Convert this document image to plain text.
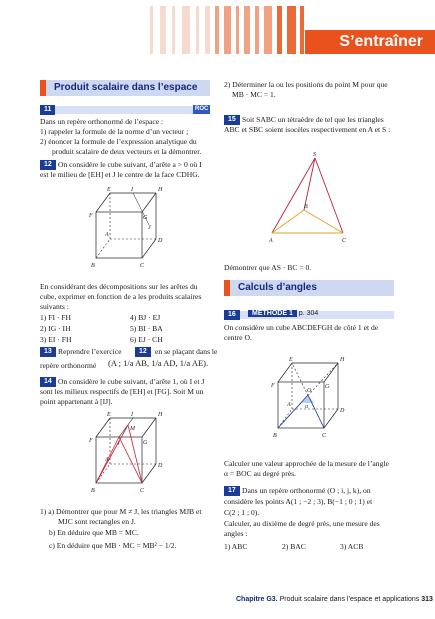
S’entraîner
Produit scalaire dans l’espace
11	ROC
Dans un repère orthonormé de l’espace :
1) rappeler la formule de la norme d’un vecteur ;
2) énoncer la formule de l’expression analytique du
produit scalaire de deux vecteurs et la démontrer.
12 On considère le cube suivant, d’arête a > 0 où I
est le milieu de [EH] et J le centre de la face CDHG.
E	I	H
F	G
J
A
D
B	C
En considérant des décompositions sur les arêtes du
cube, exprimer en fonction de a les produits scalaires
suivants :
1) FI · FH	4) BJ · EJ
2) IG · IH	5) BI · BA
3) EI · FH	6) EJ · CH
13 Reprendre l’exercice	12	en se plaçant dans le
repère orthonormé (A ; 1/a AB, 1/a AD, 1/a AE).
14 On considère le cube suivant, d’arête 1, où I et J
sont les milieux respectifs de [EH] et [FG]. Soit M un
point appartenant à [IJ].
E	I	H
M
F	J	G
A
D
B	C
1) a) Démontrer que pour M ≠ J, les triangles MJB et
MJC sont rectangles en J.
b) En déduire que MB = MC.
c) En déduire que MB · MC = MB² − 1/2.
2) Déterminer la ou les positions du point M pour que
MB · MC = 1.
15 Soit SABC un tétraèdre de tel que les triangles
ABC et SBC soient isocèles respectivement en A et S :
S
B
A	C
Démontrer que AS · BC = 0.
Calculs d’angles
16	MÉTHODE 1 p. 304
On considère un cube ABCDEFGH de côté 1 et de
centre O.
E	H
F	G
O
α
A
D
B	C
Calculer une valeur approchée de la mesure de l’angle
α = BOC au degré près.
17 Dans un repère orthonormé (O ; i, j, k), on
considère les points A(1 ; −2 ; 3), B(−1 ; 0 ; 1) et
C(2 ; 1 ; 0).
Calculer, au dixième de degré près, une mesure des
angles :
1) ABC	2) BAC	3) ACB
Chapitre G3. Produit scalaire dans l’espace et applications 313
